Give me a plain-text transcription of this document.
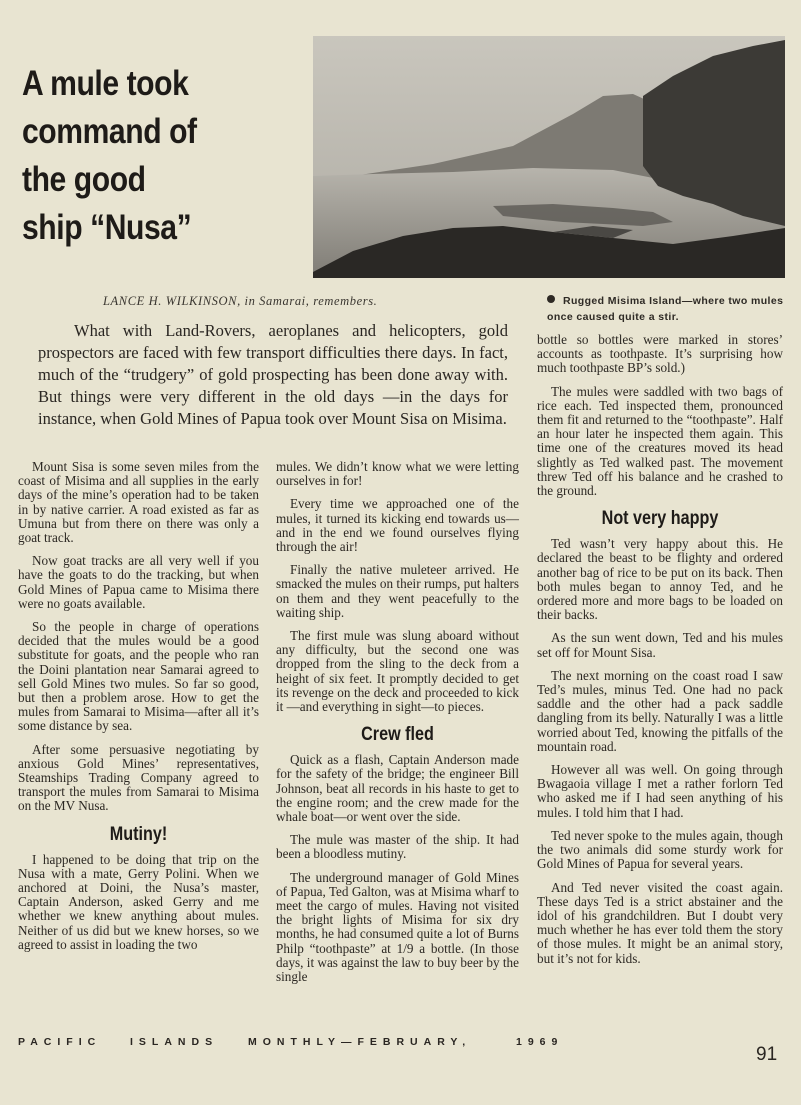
A mule took
command of
the good
ship “Nusa”
LANCE H. WILKINSON, in Samarai, remembers.	Rugged Misima Island—where two mules once caused quite a stir.
What with Land-Rovers, aeroplanes and helicopters, gold prospectors are faced with few transport difficulties there days. In fact, much of the “trudgery” of gold prospecting has been done away with. But things were very different in the old days —in the days for instance, when Gold Mines of Papua took over Mount Sisa on Misima.

Mount Sisa is some seven miles from the coast of Misima and all supplies in the early days of the mine’s operation had to be taken in by native carrier. A road existed as far as Umuna but from there on there was only a goat track.

Now goat tracks are all very well if you have the goats to do the tracking, but when Gold Mines of Papua came to Misima there were no goats available.

So the people in charge of operations decided that the mules would be a good substitute for goats, and the people who ran the Doini plantation near Samarai agreed to sell Gold Mines two mules. So far so good, but then a problem arose. How to get the mules from Samarai to Misima—after all it’s some distance by sea.

After some persuasive negotiating by anxious Gold Mines’ representatives, Steamships Trading Company agreed to transport the mules from Samarai to Misima on the MV Nusa.

Mutiny!

I happened to be doing that trip on the Nusa with a mate, Gerry Polini. When we anchored at Doini, the Nusa’s master, Captain Anderson, asked Gerry and me whether we knew anything about mules. Neither of us did but we knew horses, so we agreed to assist in loading the two

mules. We didn’t know what we were letting ourselves in for!

Every time we approached one of the mules, it turned its kicking end towards us—and in the end we found ourselves flying through the air!

Finally the native muleteer arrived. He smacked the mules on their rumps, put halters on them and they went peacefully to the waiting ship.

The first mule was slung aboard without any difficulty, but the second one was dropped from the sling to the deck from a height of six feet. It promptly decided to get its revenge on the deck and proceeded to kick it —and everything in sight—to pieces.

Crew fled

Quick as a flash, Captain Anderson made for the safety of the bridge; the engineer Bill Johnson, beat all records in his haste to get to the engine room; and the crew made for the whale boat—or went over the side.

The mule was master of the ship. It had been a bloodless mutiny.

The underground manager of Gold Mines of Papua, Ted Galton, was at Misima wharf to meet the cargo of mules. Having not visited the bright lights of Misima for six dry months, he had consumed quite a lot of Burns Philp “toothpaste” at 1/9 a bottle. (In those days, it was against the law to buy beer by the single

bottle so bottles were marked in stores’ accounts as toothpaste. It’s surprising how much toothpaste BP’s sold.)

The mules were saddled with two bags of rice each. Ted inspected them, pronounced them fit and returned to the “toothpaste”. Half an hour later he inspected them again. This time one of the creatures moved its head slightly as Ted walked past. The movement threw Ted off his balance and he crashed to the ground.

Not very happy

Ted wasn’t very happy about this. He declared the beast to be flighty and ordered another bag of rice to be put on its back. Then both mules began to annoy Ted, and he ordered more and more bags to be loaded on their backs.

As the sun went down, Ted and his mules set off for Mount Sisa.

The next morning on the coast road I saw Ted’s mules, minus Ted. One had no pack saddle and the other had a pack saddle dangling from its belly. Naturally I was a little worried about Ted, knowing the pitfalls of the mountain road.

However all was well. On going through Bwagaoia village I met a rather forlorn Ted who asked me if I had seen anything of his mules. I told him that I had.

Ted never spoke to the mules again, though the two animals did some sturdy work for Gold Mines of Papua for several years.

And Ted never visited the coast again. These days Ted is a strict abstainer and the idol of his grandchildren. But I doubt very much whether he has ever told them the story of those mules. It might be an animal story, but it’s not for kids.

PACIFIC	ISLANDS	MONTHLY—FEBRUARY,	1969
91
